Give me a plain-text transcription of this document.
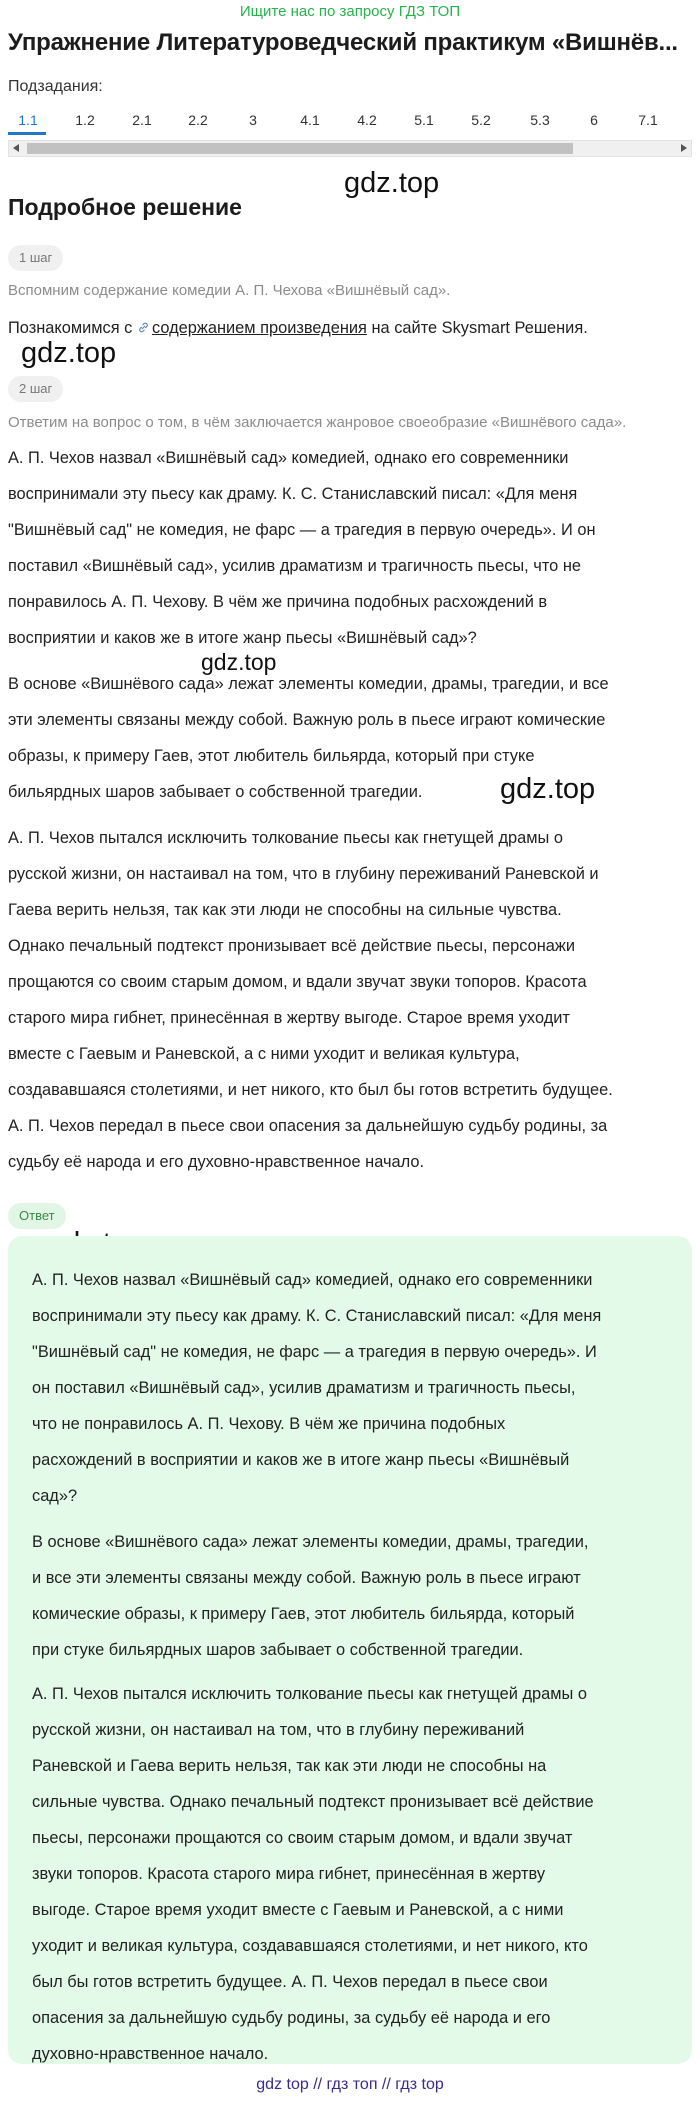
Ищите нас по запросу ГДЗ ТОП
Упражнение Литературоведческий практикум «Вишнёв...
Подзадания:
1.1	1.2	2.1	2.2	3	4.1	4.2	5.1	5.2	5.3	6	7.1
Подробное решение
gdz.top
gdz.top
gdz.top
gdz.top
1 шаг
Вспомним содержание комедии А. П. Чехова «Вишнёвый сад».
Познакомимся с содержанием произведения на сайте Skysmart Решения.
2 шаг
Ответим на вопрос о том, в чём заключается жанровое своеобразие «Вишнёвого сада».
А. П. Чехов назвал «Вишнёвый сад» комедией, однако его современники
воспринимали эту пьесу как драму. К. С. Станиславский писал: «Для меня
"Вишнёвый сад" не комедия, не фарс — а трагедия в первую очередь». И он
поставил «Вишнёвый сад», усилив драматизм и трагичность пьесы, что не
понравилось А. П. Чехову. В чём же причина подобных расхождений в
восприятии и каков же в итоге жанр пьесы «Вишнёвый сад»?
В основе «Вишнёвого сада» лежат элементы комедии, драмы, трагедии, и все
эти элементы связаны между собой. Важную роль в пьесе играют комические
образы, к примеру Гаев, этот любитель бильярда, который при стуке
бильярдных шаров забывает о собственной трагедии.
А. П. Чехов пытался исключить толкование пьесы как гнетущей драмы о
русской жизни, он настаивал на том, что в глубину переживаний Раневской и
Гаева верить нельзя, так как эти люди не способны на сильные чувства.
Однако печальный подтекст пронизывает всё действие пьесы, персонажи
прощаются со своим старым домом, и вдали звучат звуки топоров. Красота
старого мира гибнет, принесённая в жертву выгоде. Старое время уходит
вместе с Гаевым и Раневской, а с ними уходит и великая культура,
создававшаяся столетиями, и нет никого, кто был бы готов встретить будущее.
А. П. Чехов передал в пьесе свои опасения за дальнейшую судьбу родины, за
судьбу её народа и его духовно-нравственное начало.
Ответ
А. П. Чехов назвал «Вишнёвый сад» комедией, однако его современники
воспринимали эту пьесу как драму. К. С. Станиславский писал: «Для меня
"Вишнёвый сад" не комедия, не фарс — а трагедия в первую очередь». И
он поставил «Вишнёвый сад», усилив драматизм и трагичность пьесы,
что не понравилось А. П. Чехову. В чём же причина подобных
расхождений в восприятии и каков же в итоге жанр пьесы «Вишнёвый
сад»?
В основе «Вишнёвого сада» лежат элементы комедии, драмы, трагедии,
и все эти элементы связаны между собой. Важную роль в пьесе играют
комические образы, к примеру Гаев, этот любитель бильярда, который
при стуке бильярдных шаров забывает о собственной трагедии.
А. П. Чехов пытался исключить толкование пьесы как гнетущей драмы о
русской жизни, он настаивал на том, что в глубину переживаний
Раневской и Гаева верить нельзя, так как эти люди не способны на
сильные чувства. Однако печальный подтекст пронизывает всё действие
пьесы, персонажи прощаются со своим старым домом, и вдали звучат
звуки топоров. Красота старого мира гибнет, принесённая в жертву
выгоде. Старое время уходит вместе с Гаевым и Раневской, а с ними
уходит и великая культура, создававшаяся столетиями, и нет никого, кто
был бы готов встретить будущее. А. П. Чехов передал в пьесе свои
опасения за дальнейшую судьбу родины, за судьбу её народа и его
духовно-нравственное начало.
gdz top // гдз топ // гдз top
